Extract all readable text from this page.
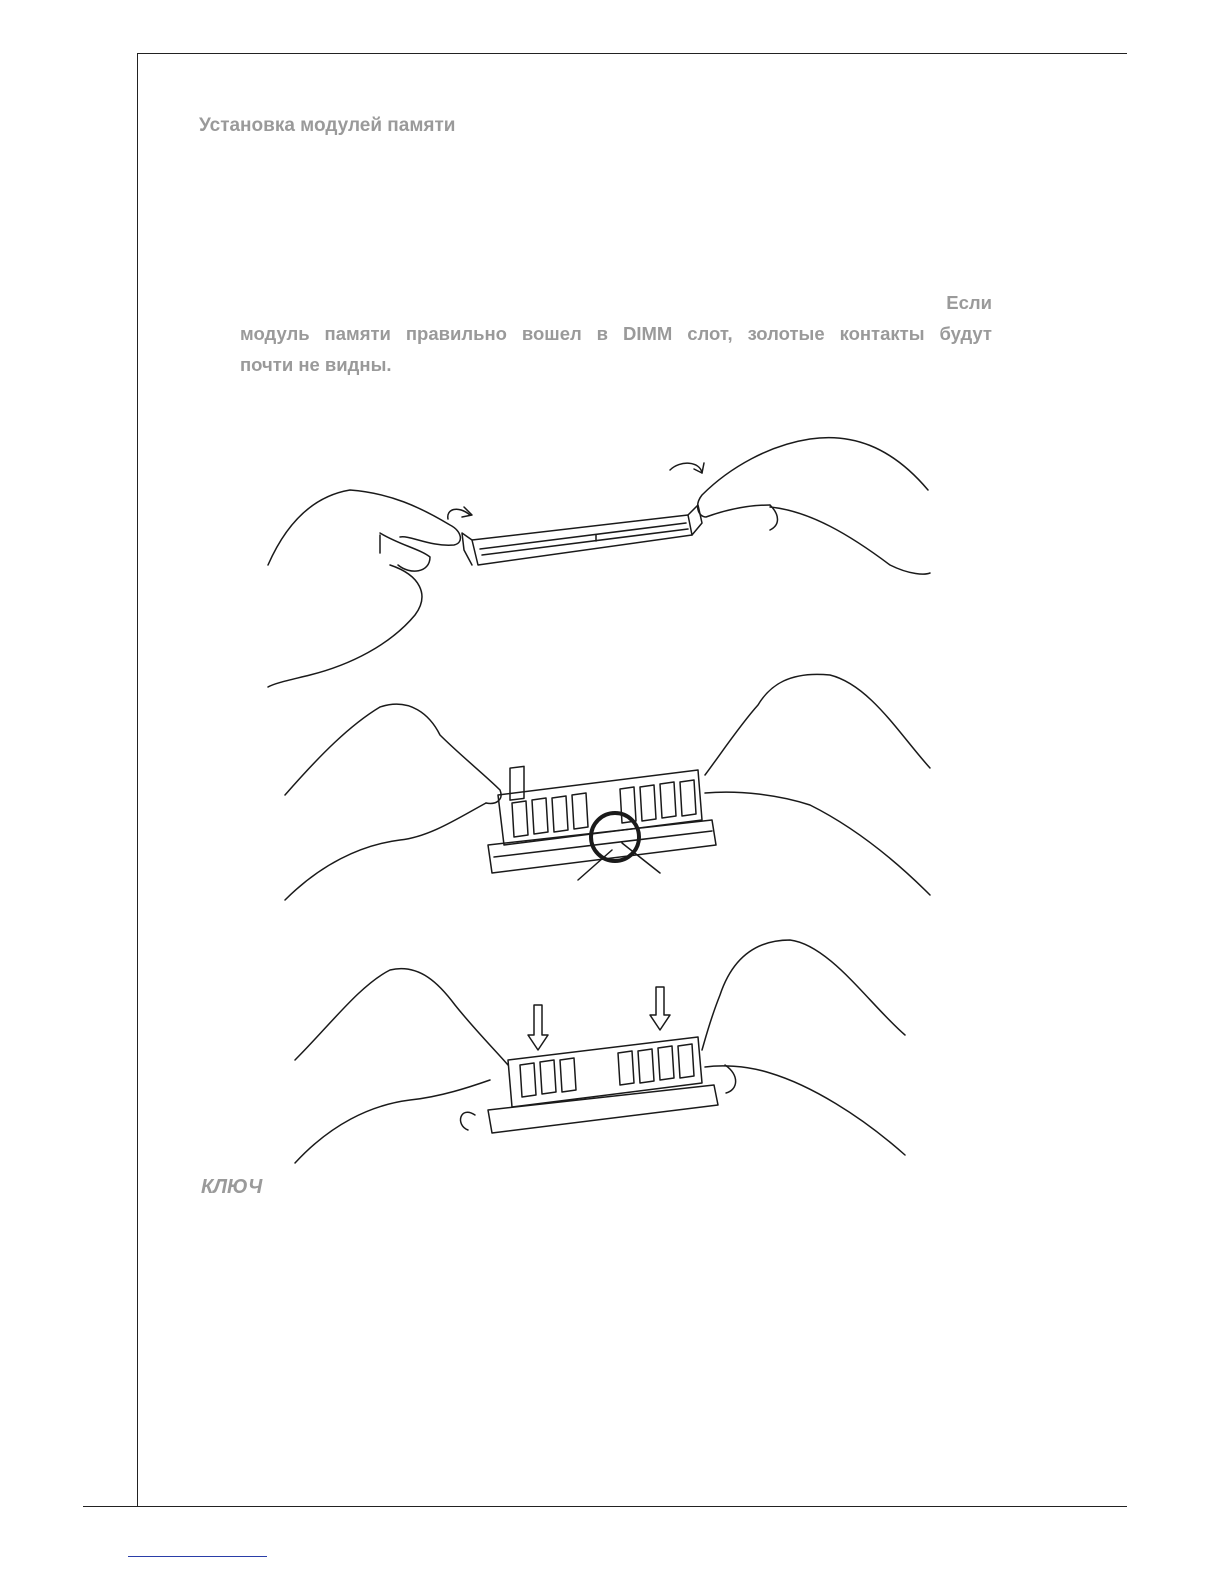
Установка модулей памяти
Если
модуль памяти правильно вошел в DIMM слот, золотые контакты будут
почти не видны.
КЛЮЧ
